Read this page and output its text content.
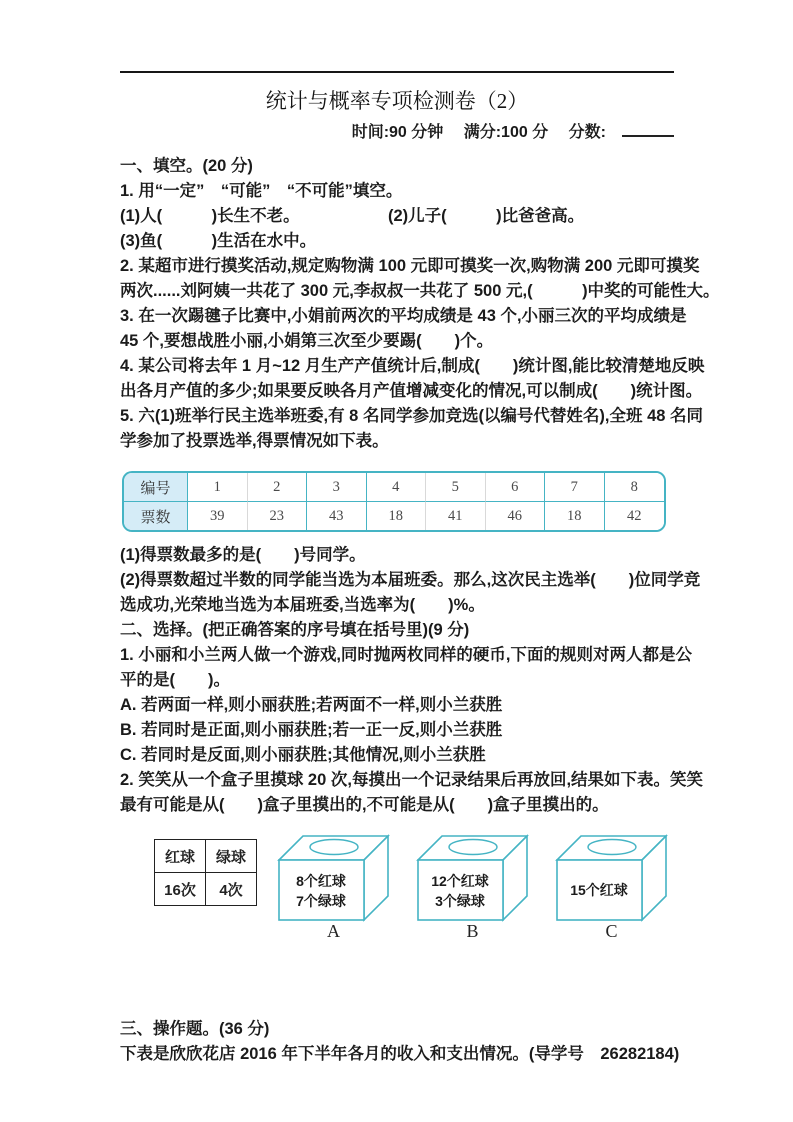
统计与概率专项检测卷（2）
时间:90 分钟 满分:100 分 分数:
一、填空。(20 分)
1. 用“一定”　“可能”　“不可能”填空。
(1)人(　　　)长生不老。	(2)儿子(　　　)比爸爸高。
(3)鱼(　　　)生活在水中。
2. 某超市进行摸奖活动,规定购物满 100 元即可摸奖一次,购物满 200 元即可摸奖
两次......刘阿姨一共花了 300 元,李叔叔一共花了 500 元,(　　　)中奖的可能性大。
3. 在一次踢毽子比赛中,小娟前两次的平均成绩是 43 个,小丽三次的平均成绩是
45 个,要想战胜小丽,小娟第三次至少要踢(　　)个。
4. 某公司将去年 1 月~12 月生产产值统计后,制成(　　)统计图,能比较清楚地反映
出各月产值的多少;如果要反映各月产值增减变化的情况,可以制成(　　)统计图。
5. 六(1)班举行民主选举班委,有 8 名同学参加竞选(以编号代替姓名),全班 48 名同
学参加了投票选举,得票情况如下表。
编号	1	2	3	4	5	6	7	8
票数	39	23	43	18	41	46	18	42
(1)得票数最多的是(　　)号同学。
(2)得票数超过半数的同学能当选为本届班委。那么,这次民主选举(　　)位同学竞
选成功,光荣地当选为本届班委,当选率为(　　)%。
二、选择。(把正确答案的序号填在括号里)(9 分)
1. 小丽和小兰两人做一个游戏,同时抛两枚同样的硬币,下面的规则对两人都是公
平的是(　　)。
A. 若两面一样,则小丽获胜;若两面不一样,则小兰获胜
B. 若同时是正面,则小丽获胜;若一正一反,则小兰获胜
C. 若同时是反面,则小丽获胜;其他情况,则小兰获胜
2. 笑笑从一个盒子里摸球 20 次,每摸出一个记录结果后再放回,结果如下表。笑笑
最有可能是从(　　)盒子里摸出的,不可能是从(　　)盒子里摸出的。
红球	绿球
16次	4次
8个红球
7个绿球
A
12个红球
3个绿球
B
15个红球
C
三、操作题。(36 分)
下表是欣欣花店 2016 年下半年各月的收入和支出情况。(导学号　26282184)
